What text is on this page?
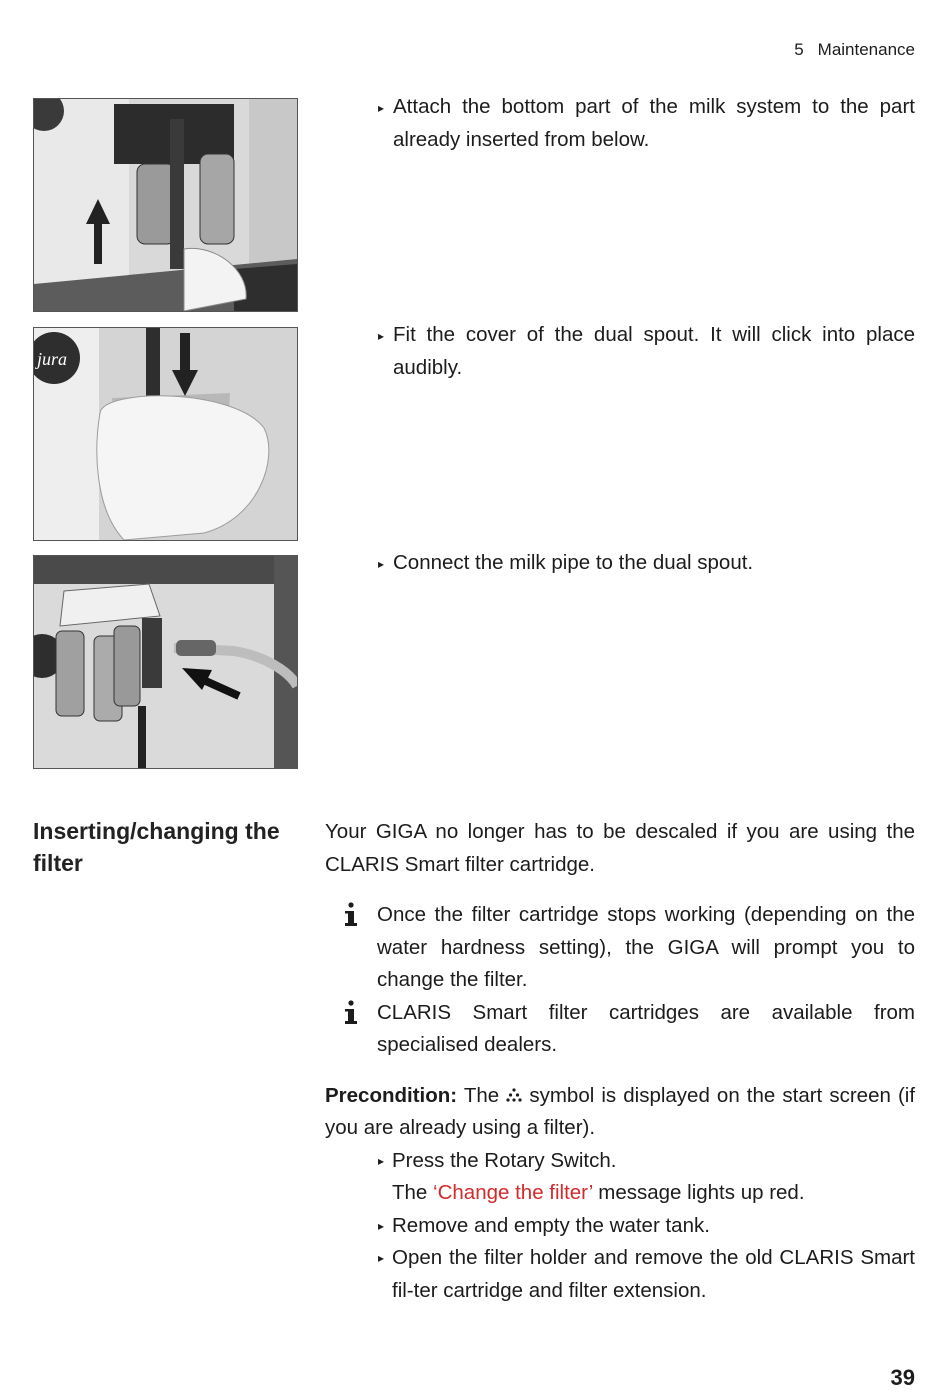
5 Maintenance
▸ Attach the bottom part of the milk system to the part already inserted from below.
jura
▸ Fit the cover of the dual spout. It will click into place audibly.
▸ Connect the milk pipe to the dual spout.
Inserting/changing the filter
Your GIGA no longer has to be descaled if you are using the CLARIS Smart filter cartridge.
Once the filter cartridge stops working (depending on the water hardness setting), the GIGA will prompt you to change the filter.
CLARIS Smart filter cartridges are available from specialised dealers.
Precondition: The symbol is displayed on the start screen (if you are already using a filter).
▸ Press the Rotary Switch.
The ‘Change the filter’ message lights up red.
▸ Remove and empty the water tank.
▸ Open the filter holder and remove the old CLARIS Smart fil-ter cartridge and filter extension.
39
